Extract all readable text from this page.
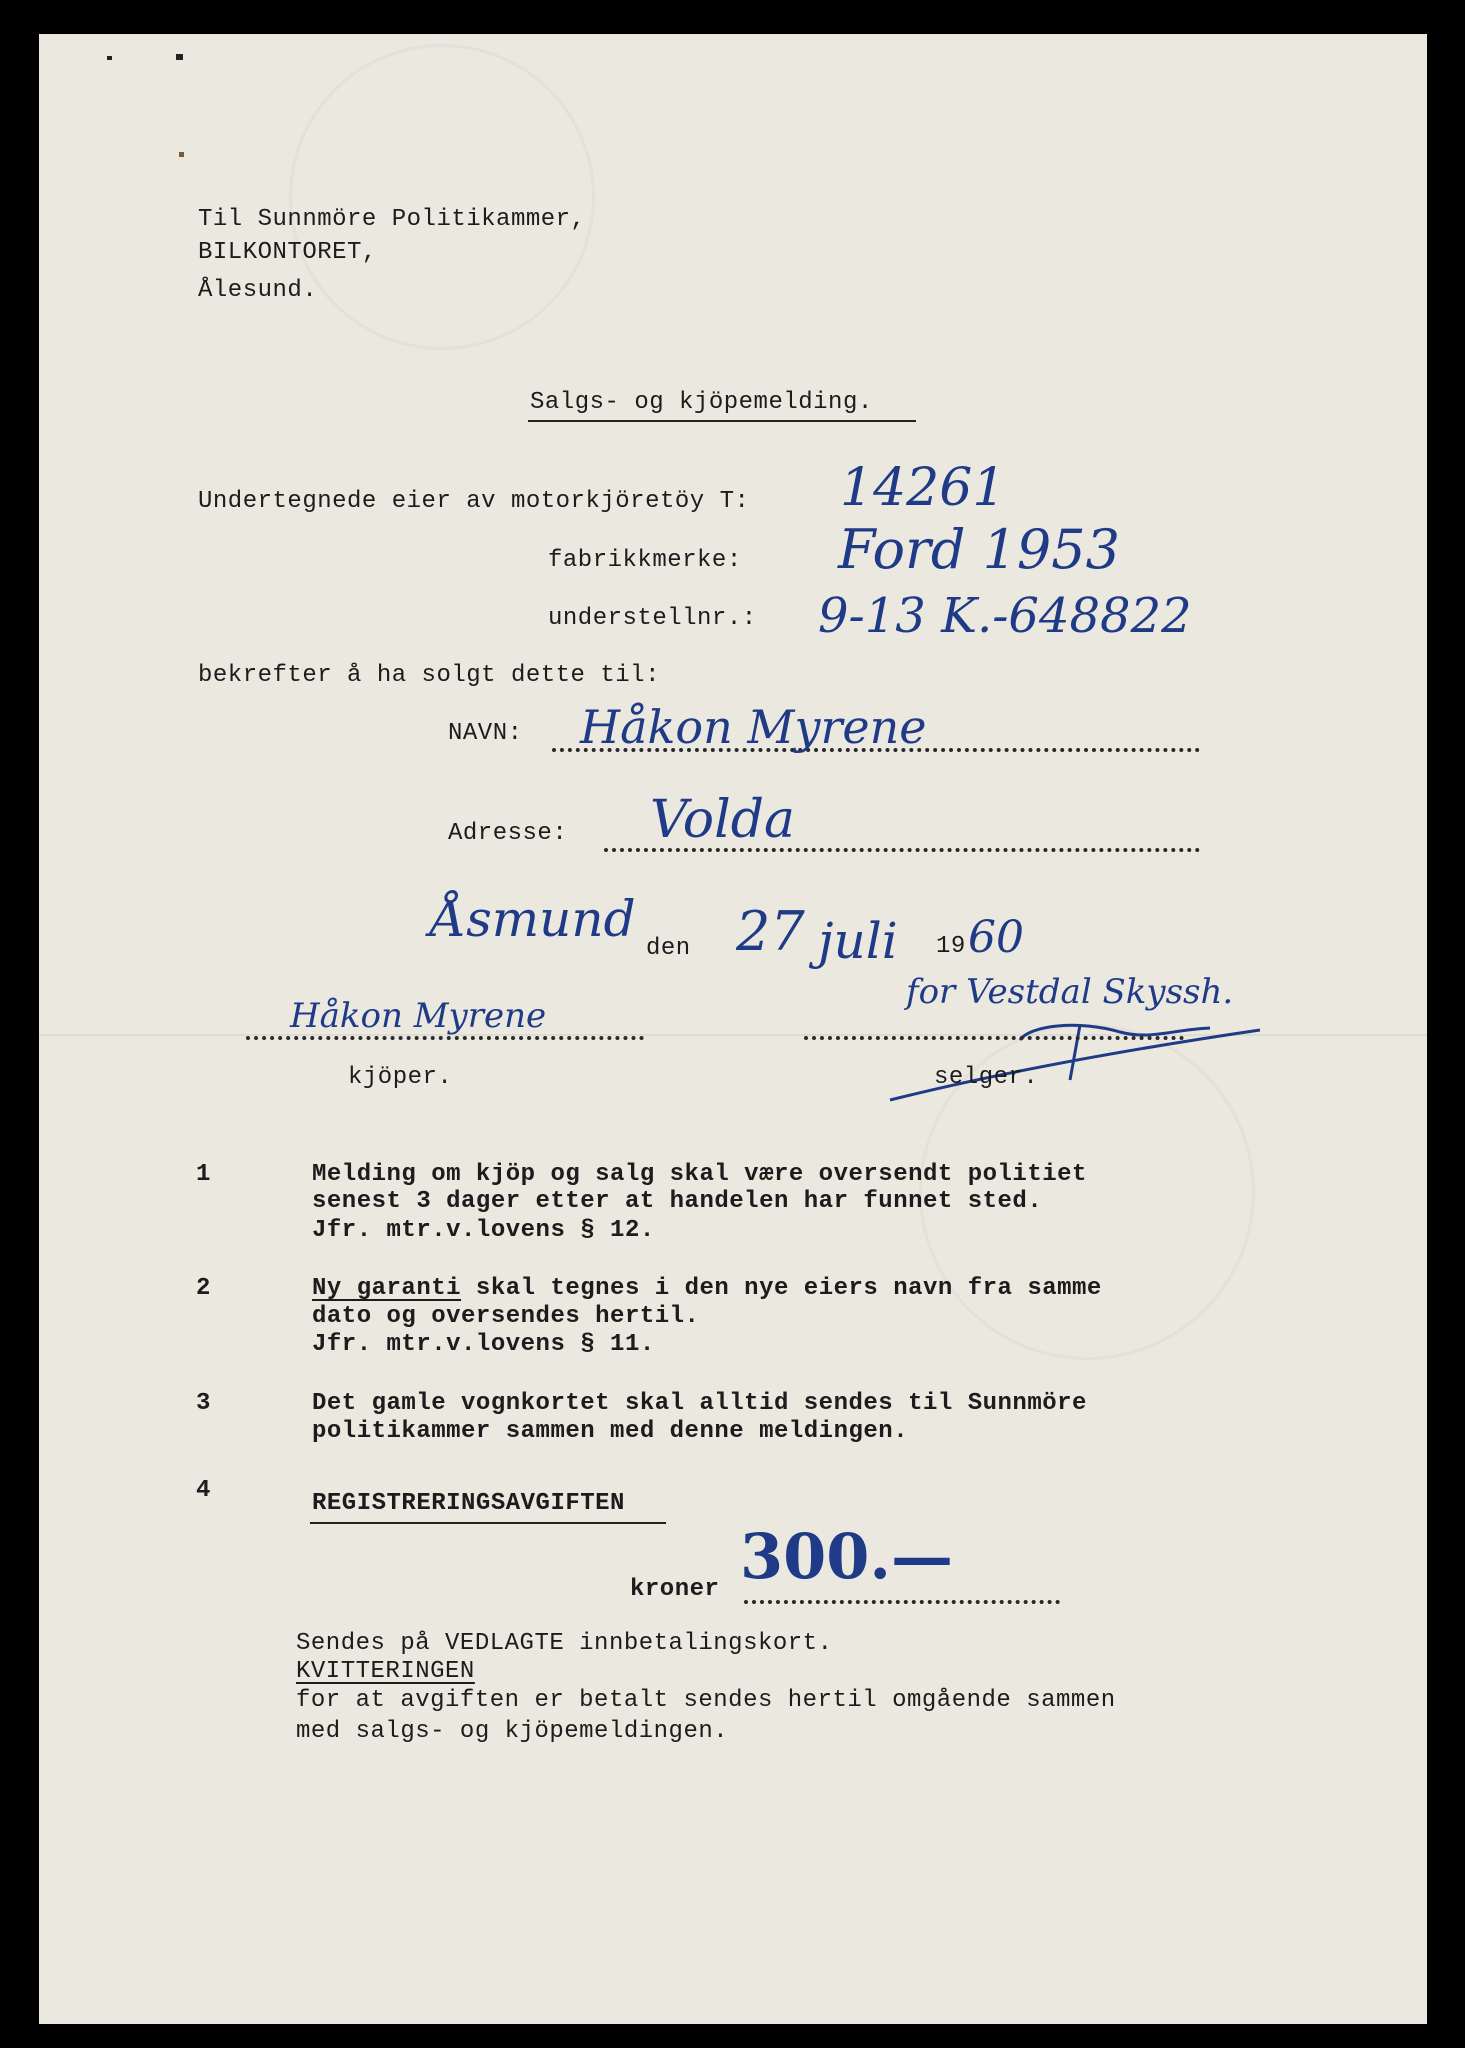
Til Sunnmöre Politikammer,
BILKONTORET,
Ålesund.
Salgs- og kjöpemelding.
Undertegnede eier av motorkjöretöy T: 14261
fabrikkmerke: Ford 1953
understellnr.: 9-13 K.-648822
bekrefter å ha solgt dette til:
NAVN: Håkon Myrene
Adresse: Volda
Åsmund
den 27 juli 19 60
Håkon Myrene
kjöper.
for Vestdal Skyssh.
selger.
1	Melding om kjöp og salg skal være oversendt politiet
senest 3 dager etter at handelen har funnet sted.
Jfr. mtr.v.lovens § 12.
2	Ny garanti skal tegnes i den nye eiers navn fra samme
dato og oversendes hertil.
Jfr. mtr.v.lovens § 11.
3	Det gamle vognkortet skal alltid sendes til Sunnmöre
politikammer sammen med denne meldingen.
4	REGISTRERINGSAVGIFTEN
kroner 300.—
Sendes på VEDLAGTE innbetalingskort.
KVITTERINGEN
for at avgiften er betalt sendes hertil omgående sammen
med salgs- og kjöpemeldingen.
